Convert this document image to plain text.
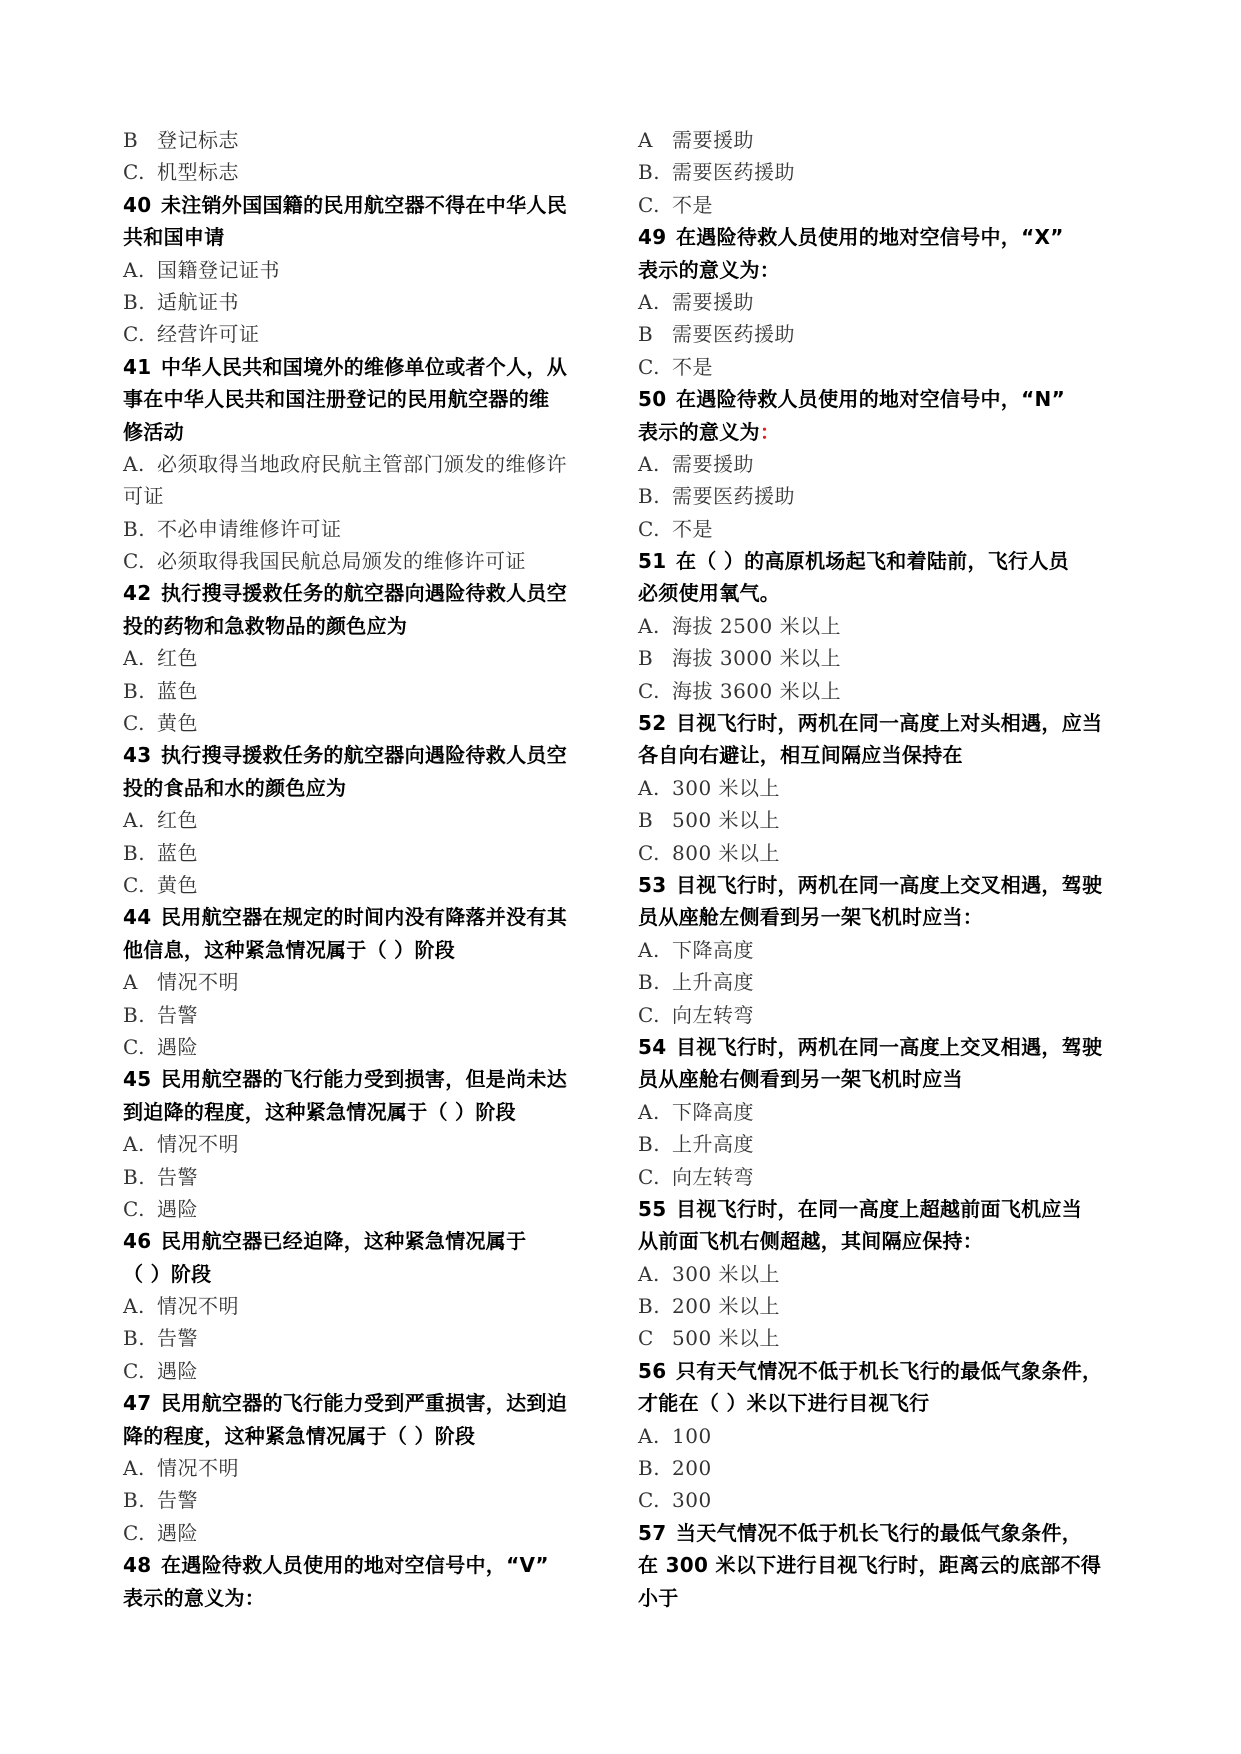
B 登记标志
C. 机型标志
40 未注销外国国籍的民用航空器不得在中华人民
共和国申请
A. 国籍登记证书
B. 适航证书
C. 经营许可证
41 中华人民共和国境外的维修单位或者个人，从
事在中华人民共和国注册登记的民用航空器的维
修活动
A. 必须取得当地政府民航主管部门颁发的维修许
可证
B. 不必申请维修许可证
C. 必须取得我国民航总局颁发的维修许可证
42 执行搜寻援救任务的航空器向遇险待救人员空
投的药物和急救物品的颜色应为
A. 红色
B. 蓝色
C. 黄色
43 执行搜寻援救任务的航空器向遇险待救人员空
投的食品和水的颜色应为
A. 红色
B. 蓝色
C. 黄色
44 民用航空器在规定的时间内没有降落并没有其
他信息，这种紧急情况属于（ ）阶段
A 情况不明
B. 告警
C. 遇险
45 民用航空器的飞行能力受到损害，但是尚未达
到迫降的程度，这种紧急情况属于（ ）阶段
A. 情况不明
B. 告警
C. 遇险
46 民用航空器已经迫降，这种紧急情况属于
（ ）阶段
A. 情况不明
B. 告警
C. 遇险
47 民用航空器的飞行能力受到严重损害，达到迫
降的程度，这种紧急情况属于（ ）阶段
A. 情况不明
B. 告警
C. 遇险
48 在遇险待救人员使用的地对空信号中，“V”
表示的意义为：
A 需要援助
B. 需要医药援助
C. 不是
49 在遇险待救人员使用的地对空信号中，“X”
表示的意义为：
A. 需要援助
B 需要医药援助
C. 不是
50 在遇险待救人员使用的地对空信号中，“N”
表示的意义为：
A. 需要援助
B. 需要医药援助
C. 不是
51 在（ ）的高原机场起飞和着陆前，飞行人员
必须使用氧气。
A. 海拔 2500 米以上
B 海拔 3000 米以上
C. 海拔 3600 米以上
52 目视飞行时，两机在同一高度上对头相遇，应当
各自向右避让，相互间隔应当保持在
A. 300 米以上
B 500 米以上
C. 800 米以上
53 目视飞行时，两机在同一高度上交叉相遇，驾驶
员从座舱左侧看到另一架飞机时应当：
A. 下降高度
B. 上升高度
C. 向左转弯
54 目视飞行时，两机在同一高度上交叉相遇，驾驶
员从座舱右侧看到另一架飞机时应当
A. 下降高度
B. 上升高度
C. 向左转弯
55 目视飞行时，在同一高度上超越前面飞机应当
从前面飞机右侧超越，其间隔应保持：
A. 300 米以上
B. 200 米以上
C 500 米以上
56 只有天气情况不低于机长飞行的最低气象条件，
才能在（ ）米以下进行目视飞行
A. 100
B. 200
C. 300
57 当天气情况不低于机长飞行的最低气象条件，
在 300 米以下进行目视飞行时，距离云的底部不得
小于
